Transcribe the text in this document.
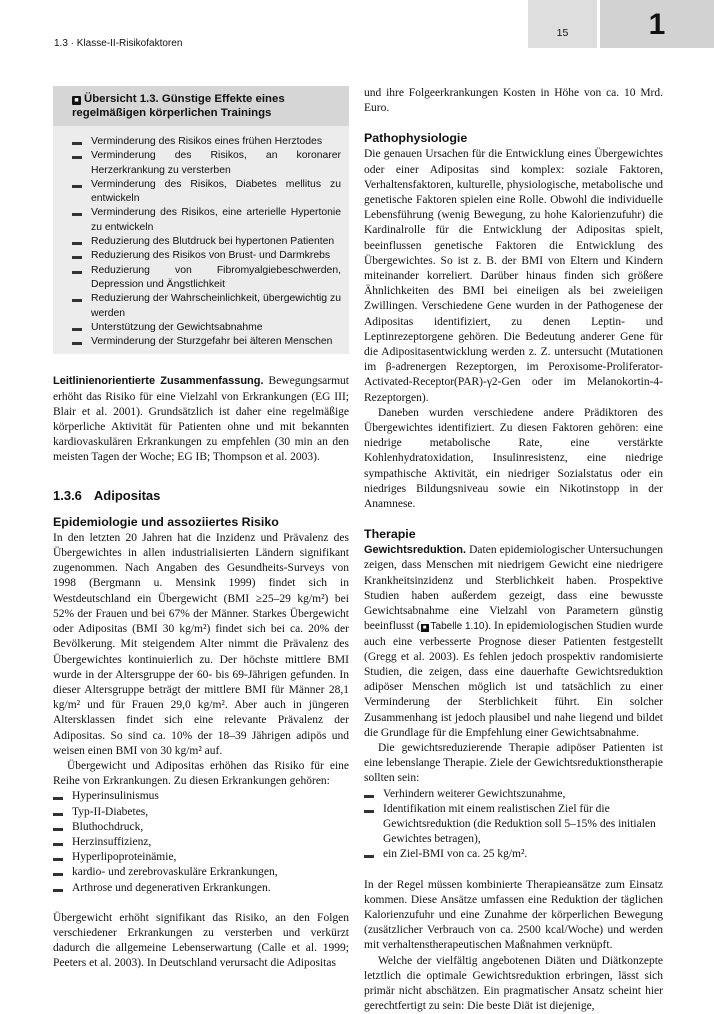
1.3 · Klasse-II-Risikofaktoren
15	1
■ Übersicht 1.3. Günstige Effekte eines
regelmäßigen körperlichen Trainings
Verminderung des Risikos eines frühen Herztodes
Verminderung des Risikos, an koronarer Herzerkrankung zu versterben
Verminderung des Risikos, Diabetes mellitus zu entwickeln
Verminderung des Risikos, eine arterielle Hypertonie zu entwickeln
Reduzierung des Blutdruck bei hypertonen Patienten
Reduzierung des Risikos von Brust- und Darmkrebs
Reduzierung von Fibromyalgiebeschwerden, Depression und Ängstlichkeit
Reduzierung der Wahrscheinlichkeit, übergewichtig zu werden
Unterstützung der Gewichtsabnahme
Verminderung der Sturzgefahr bei älteren Menschen

Leitlinienorientierte Zusammenfassung. Bewegungsarmut erhöht das Risiko für eine Vielzahl von Erkrankungen (EG III; Blair et al. 2001). Grundsätzlich ist daher eine regelmäßige körperliche Aktivität für Patienten ohne und mit bekannten kardiovaskulären Erkrankungen zu empfehlen (30 min an den meisten Tagen der Woche; EG IB; Thompson et al. 2003).

1.3.6 Adipositas
Epidemiologie und assoziiertes Risiko

In den letzten 20 Jahren hat die Inzidenz und Prävalenz des Übergewichtes in allen industrialisierten Ländern signifikant zugenommen. Nach Angaben des Gesundheits-Surveys von 1998 (Bergmann u. Mensink 1999) findet sich in Westdeutschland ein Übergewicht (BMI ≥25–29 kg/m²) bei 52% der Frauen und bei 67% der Männer. Starkes Übergewicht oder Adipositas (BMI 30 kg/m²) findet sich bei ca. 20% der Bevölkerung. Mit steigendem Alter nimmt die Prävalenz des Übergewichtes kontinuierlich zu. Der höchste mittlere BMI wurde in der Altersgruppe der 60- bis 69-Jährigen gefunden. In dieser Altersgruppe beträgt der mittlere BMI für Männer 28,1 kg/m² und für Frauen 29,0 kg/m². Aber auch in jüngeren Altersklassen findet sich eine relevante Prävalenz der Adipositas. So sind ca. 10% der 18–39 Jährigen adipös und weisen einen BMI von 30 kg/m² auf.

Übergewicht und Adipositas erhöhen das Risiko für eine Reihe von Erkrankungen. Zu diesen Erkrankungen gehören:

Hyperinsulinismus
Typ-II-Diabetes,
Bluthochdruck,
Herzinsuffizienz,
Hyperlipoproteinämie,
kardio- und zerebrovaskuläre Erkrankungen,
Arthrose und degenerativen Erkrankungen.

Übergewicht erhöht signifikant das Risiko, an den Folgen verschiedener Erkrankungen zu versterben und verkürzt dadurch die allgemeine Lebenserwartung (Calle et al. 1999; Peeters et al. 2003). In Deutschland verursacht die Adipositas

und ihre Folgeerkrankungen Kosten in Höhe von ca. 10 Mrd. Euro.

Pathophysiologie

Die genauen Ursachen für die Entwicklung eines Übergewichtes oder einer Adipositas sind komplex: soziale Faktoren, Verhaltensfaktoren, kulturelle, physiologische, metabolische und genetische Faktoren spielen eine Rolle. Obwohl die individuelle Lebensführung (wenig Bewegung, zu hohe Kalorienzufuhr) die Kardinalrolle für die Entwicklung der Adipositas spielt, beeinflussen genetische Faktoren die Entwicklung des Übergewichtes. So ist z. B. der BMI von Eltern und Kindern miteinander korreliert. Darüber hinaus finden sich größere Ähnlichkeiten des BMI bei eineiigen als bei zweieiigen Zwillingen. Verschiedene Gene wurden in der Pathogenese der Adipositas identifiziert, zu denen Leptin- und Leptinrezeptorgene gehören. Die Bedeutung anderer Gene für die Adipositasentwicklung werden z. Z. untersucht (Mutationen im β-adrenergen Rezeptorgen, im Peroxisome-Proliferator-Activated-Receptor(PAR)-γ2-Gen oder im Melanokortin-4-Rezeptorgen).

Daneben wurden verschiedene andere Prädiktoren des Übergewichtes identifiziert. Zu diesen Faktoren gehören: eine niedrige metabolische Rate, eine verstärkte Kohlenhydratoxidation, Insulinresistenz, eine niedrige sympathische Aktivität, ein niedriger Sozialstatus oder ein niedriges Bildungsniveau sowie ein Nikotinstopp in der Anamnese.

Therapie

Gewichtsreduktion. Daten epidemiologischer Untersuchungen zeigen, dass Menschen mit niedrigem Gewicht eine niedrigere Krankheitsinzidenz und Sterblichkeit haben. Prospektive Studien haben außerdem gezeigt, dass eine bewusste Gewichtsabnahme eine Vielzahl von Parametern günstig beeinflusst ( ■ Tabelle 1.10). In epidemiologischen Studien wurde auch eine verbesserte Prognose dieser Patienten festgestellt (Gregg et al. 2003). Es fehlen jedoch prospektiv randomisierte Studien, die zeigen, dass eine dauerhafte Gewichtsreduktion adipöser Menschen möglich ist und tatsächlich zu einer Verminderung der Sterblichkeit führt. Ein solcher Zusammenhang ist jedoch plausibel und nahe liegend und bildet die Grundlage für die Empfehlung einer Gewichtsabnahme.

Die gewichtsreduzierende Therapie adipöser Patienten ist eine lebenslange Therapie. Ziele der Gewichtsreduktionstherapie sollten sein:

Verhindern weiterer Gewichtszunahme,
Identifikation mit einem realistischen Ziel für die Gewichtsreduktion (die Reduktion soll 5–15% des initialen Gewichtes betragen),
ein Ziel-BMI von ca. 25 kg/m².

In der Regel müssen kombinierte Therapieansätze zum Einsatz kommen. Diese Ansätze umfassen eine Reduktion der täglichen Kalorienzufuhr und eine Zunahme der körperlichen Bewegung (zusätzlicher Verbrauch von ca. 2500 kcal/Woche) und werden mit verhaltenstherapeutischen Maßnahmen verknüpft.

Welche der vielfältig angebotenen Diäten und Diätkonzepte letztlich die optimale Gewichtsreduktion erbringen, lässt sich primär nicht abschätzen. Ein pragmatischer Ansatz scheint hier gerechtfertigt zu sein: Die beste Diät ist diejenige,
